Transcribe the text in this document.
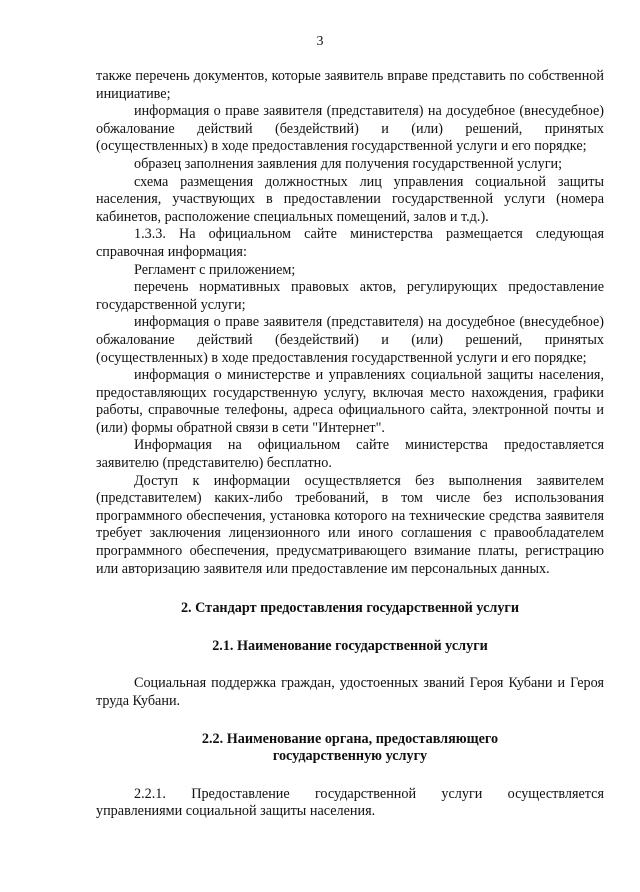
3

также перечень документов, которые заявитель вправе представить по собственной инициативе;

информация о праве заявителя (представителя) на досудебное (внесудебное) обжалование действий (бездействий) и (или) решений, принятых (осуществленных) в ходе предоставления государственной услуги и его порядке;

образец заполнения заявления для получения государственной услуги;

схема размещения должностных лиц управления социальной защиты населения, участвующих в предоставлении государственной услуги (номера кабинетов, расположение специальных помещений, залов и т.д.).

1.3.3. На официальном сайте министерства размещается следующая справочная информация:

Регламент с приложением;

перечень нормативных правовых актов, регулирующих предоставление государственной услуги;

информация о праве заявителя (представителя) на досудебное (внесудебное) обжалование действий (бездействий) и (или) решений, принятых (осуществленных) в ходе предоставления государственной услуги и его порядке;

информация о министерстве и управлениях социальной защиты населения, предоставляющих государственную услугу, включая место нахождения, графики работы, справочные телефоны, адреса официального сайта, электронной почты и (или) формы обратной связи в сети "Интернет".

Информация на официальном сайте министерства предоставляется заявителю (представителю) бесплатно.

Доступ к информации осуществляется без выполнения заявителем (представителем) каких-либо требований, в том числе без использования программного обеспечения, установка которого на технические средства заявителя требует заключения лицензионного или иного соглашения с правообладателем программного обеспечения, предусматривающего взимание платы, регистрацию или авторизацию заявителя или предоставление им персональных данных.

2. Стандарт предоставления государственной услуги
2.1. Наименование государственной услуги

Социальная поддержка граждан, удостоенных званий Героя Кубани и Героя труда Кубани.

2.2. Наименование органа, предоставляющего
государственную услугу

2.2.1. Предоставление государственной услуги осуществляется управлениями социальной защиты населения.
